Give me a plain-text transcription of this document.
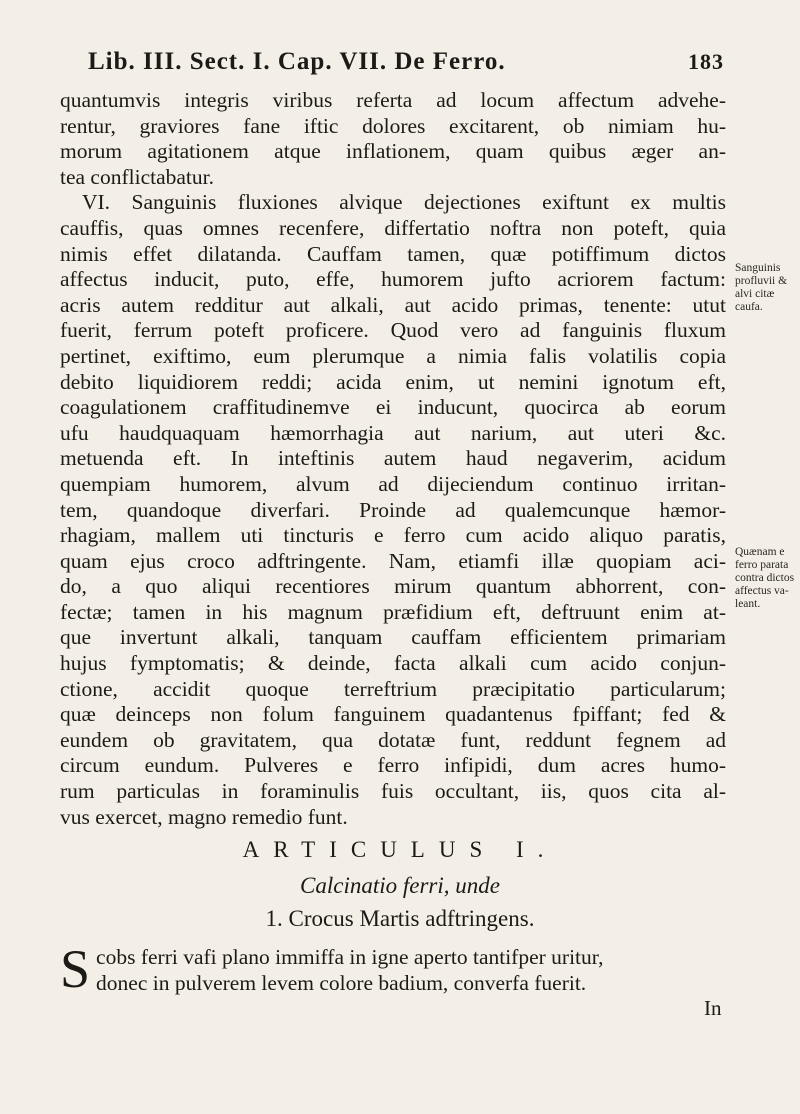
Lib. III. Sect. I. Cap. VII. De Ferro.	183
quantumvis integris viribus referta ad locum affectum advehe-
rentur, graviores fane iftic dolores excitarent, ob nimiam hu-
morum agitationem atque inflationem, quam quibus æger an-
tea conflictabatur.
VI. Sanguinis fluxiones alvique dejectiones exiftunt ex multis
cauffis, quas omnes recenfere, differtatio noftra non poteft, quia
nimis effet dilatanda. Cauffam tamen, quæ potiffimum dictos
affectus inducit, puto, effe, humorem jufto acriorem factum:
acris autem redditur aut alkali, aut acido primas, tenente: utut
fuerit, ferrum poteft proficere. Quod vero ad fanguinis fluxum
pertinet, exiftimo, eum plerumque a nimia falis volatilis copia
debito liquidiorem reddi; acida enim, ut nemini ignotum eft,
coagulationem craffitudinemve ei inducunt, quocirca ab eorum
ufu haudquaquam hæmorrhagia aut narium, aut uteri &c.
metuenda eft. In inteftinis autem haud negaverim, acidum
quempiam humorem, alvum ad dijeciendum continuo irritan-
tem, quandoque diverfari. Proinde ad qualemcunque hæmor-
rhagiam, mallem uti tincturis e ferro cum acido aliquo paratis,
quam ejus croco adftringente. Nam, etiamfi illæ quopiam aci-
do, a quo aliqui recentiores mirum quantum abhorrent, con-
fectæ; tamen in his magnum præfidium eft, deftruunt enim at-
que invertunt alkali, tanquam cauffam efficientem primariam
hujus fymptomatis; & deinde, facta alkali cum acido conjun-
ctione, accidit quoque terreftrium præcipitatio particularum;
quæ deinceps non folum fanguinem quadantenus fpiffant; fed &
eundem ob gravitatem, qua dotatæ funt, reddunt fegnem ad
circum eundum. Pulveres e ferro infipidi, dum acres humo-
rum particulas in foraminulis fuis occultant, iis, quos cita al-
vus exercet, magno remedio funt.
Sanguinis
profluvii &
alvi citæ
caufa.
Quænam e
ferro parata
contra dictos
affectus va-
leant.
ARTICULUS I.
Calcinatio ferri, unde
1. Crocus Martis adftringens.
S cobs ferri vafi plano immiffa in igne aperto tantifper uritur,
donec in pulverem levem colore badium, converfa fuerit.
In
